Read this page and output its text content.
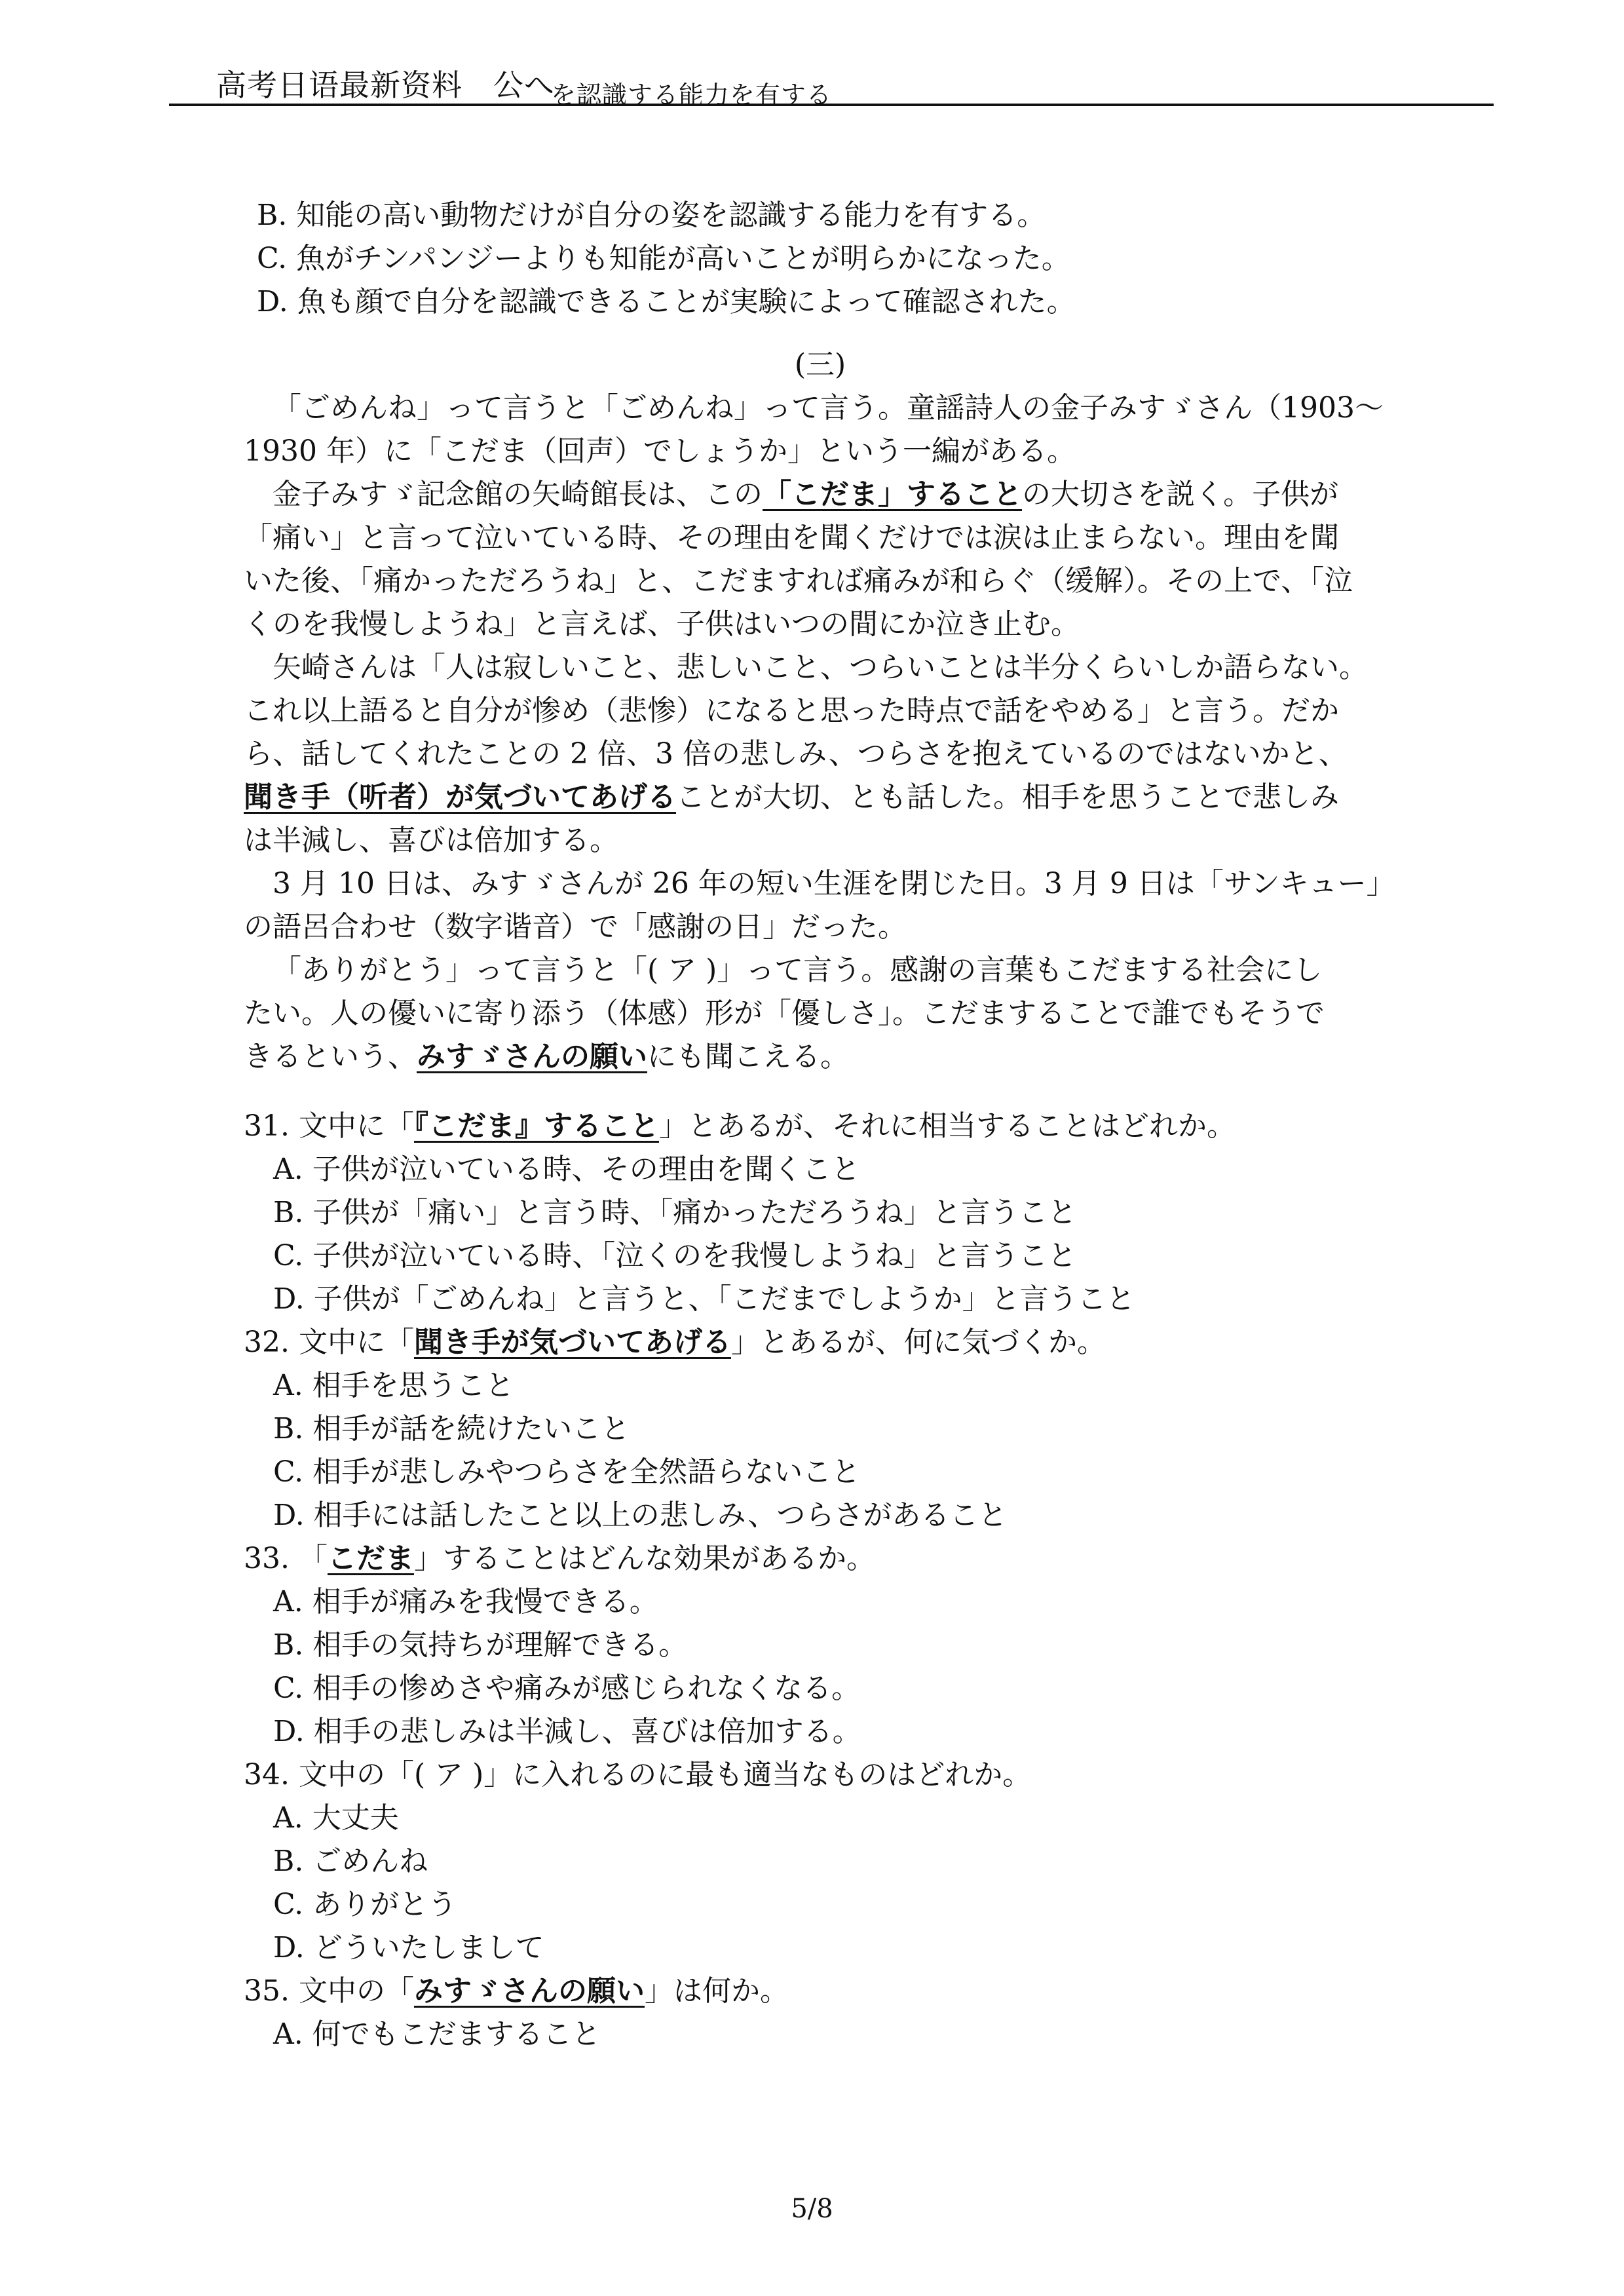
高考日语最新资料 公へ$_{を認識する能力を有する}$
B. 知能の高い動物だけが自分の姿を認識する能力を有する。
C. 魚がチンパンジーよりも知能が高いことが明らかになった。
D. 魚も顔で自分を認識できることが実験によって確認された。
(三)
「ごめんね」って言うと「ごめんね」って言う。童謡詩人の金子みすゞさん（1903～
1930 年）に「こだま（回声）でしょうか」という一編がある。
金子みすゞ記念館の矢崎館長は、この「こだま」することの大切さを説く。子供が
「痛い」と言って泣いている時、その理由を聞くだけでは涙は止まらない。理由を聞
いた後、「痛かっただろうね」と、こだますれば痛みが和らぐ（缓解）。その上で、「泣
くのを我慢しようね」と言えば、子供はいつの間にか泣き止む。
矢崎さんは「人は寂しいこと、悲しいこと、つらいことは半分くらいしか語らない。
これ以上語ると自分が惨め（悲惨）になると思った時点で話をやめる」と言う。だか
ら、話してくれたことの 2 倍、3 倍の悲しみ、つらさを抱えているのではないかと、
聞き手（听者）が気づいてあげることが大切、とも話した。相手を思うことで悲しみ
は半減し、喜びは倍加する。
3 月 10 日は、みすゞさんが 26 年の短い生涯を閉じた日。3 月 9 日は「サンキュー」
の語呂合わせ（数字谐音）で「感謝の日」だった。
「ありがとう」って言うと「( ア )」って言う。感謝の言葉もこだまする社会にし
たい。人の優いに寄り添う（体感）形が「優しさ」。こだますることで誰でもそうで
きるという、みすゞさんの願いにも聞こえる。
31. 文中に「『こだま』すること」とあるが、それに相当することはどれか。
A. 子供が泣いている時、その理由を聞くこと
B. 子供が「痛い」と言う時、「痛かっただろうね」と言うこと
C. 子供が泣いている時、「泣くのを我慢しようね」と言うこと
D. 子供が「ごめんね」と言うと、「こだまでしようか」と言うこと
32. 文中に「聞き手が気づいてあげる」とあるが、何に気づくか。
A. 相手を思うこと
B. 相手が話を続けたいこと
C. 相手が悲しみやつらさを全然語らないこと
D. 相手には話したこと以上の悲しみ、つらさがあること
33. 「こだま」することはどんな効果があるか。
A. 相手が痛みを我慢できる。
B. 相手の気持ちが理解できる。
C. 相手の惨めさや痛みが感じられなくなる。
D. 相手の悲しみは半減し、喜びは倍加する。
34. 文中の「( ア )」に入れるのに最も適当なものはどれか。
A. 大丈夫
B. ごめんね
C. ありがとう
D. どういたしまして
35. 文中の「みすゞさんの願い」は何か。
A. 何でもこだますること
5/8
